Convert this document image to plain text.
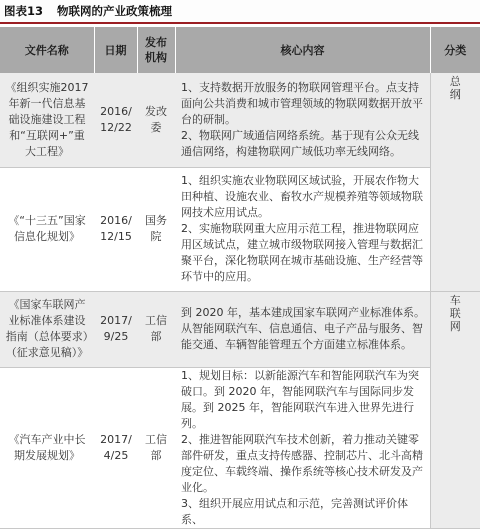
图表13	物联网的产业政策梳理
文件名称	日期	发布机构	核心内容	分类
《组织实施2017年新一代信息基础设施建设工程和“互联网+”重大工程》	2016/12/22	发改委	1、支持数据开放服务的物联网管理平台。点支持面向公共消费和城市管理领域的物联网数据开放平台的研制。

2、物联网广域通信网络系统。基于现有公众无线通信网络，构建物联网广域低功率无线网络。	总纲
《“十三五”国家信息化规划》	2016/12/15	国务院	1、组织实施农业物联网区域试验，开展农作物大田种植、设施农业、畜牧水产规模养殖等领域物联网技术应用试点。

2、实施物联网重大应用示范工程，推进物联网应用区域试点，建立城市级物联网接入管理与数据汇聚平台，深化物联网在城市基础设施、生产经营等环节中的应用。	

《国家车联网产业标准体系建设指南（总体要求）（征求意见稿）》	2017/9/25	工信部	到 2020 年，基本建成国家车联网产业标准体系。从智能网联汽车、信息通信、电子产品与服务、智能交通、车辆智能管理五个方面建立标准体系。	车联网
《汽车产业中长期发展规划》	2017/4/25	工信部	1、规划目标：以新能源汽车和智能网联汽车为突破口。到 2020 年，智能网联汽车与国际同步发展。到 2025 年，智能网联汽车进入世界先进行列。

2、推进智能网联汽车技术创新，着力推动关键零部件研发，重点支持传感器、控制芯片、北斗高精度定位、车载终端、操作系统等核心技术研发及产业化。

3、组织开展应用试点和示范，完善测试评价体系、	
